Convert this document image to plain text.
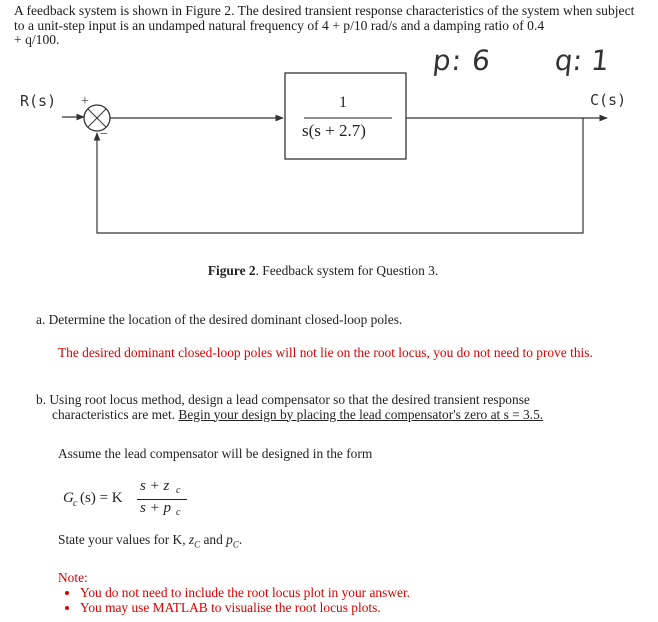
A feedback system is shown in Figure 2. The desired transient response characteristics of the system when subject to a unit-step input is an undamped natural frequency of 4 + p/10 rad/s and a damping ratio of 0.4
+ q/100.
p: 6 q: 1
R(s)	C(s)
+
−
1
s(s + 2.7)
Figure 2. Feedback system for Question 3.
a. Determine the location of the desired dominant closed-loop poles.
The desired dominant closed-loop poles will not lie on the root locus, you do not need to prove this.
b. Using root locus method, design a lead compensator so that the desired transient response
characteristics are met. Begin your design by placing the lead compensator's zero at s = 3.5.
Assume the lead compensator will be designed in the form
G c (s) = K
s + z c
s + p c
State your values for K, $z_C$ and $p_C$.
Note:
• You do not need to include the root locus plot in your answer.
• You may use MATLAB to visualise the root locus plots.
